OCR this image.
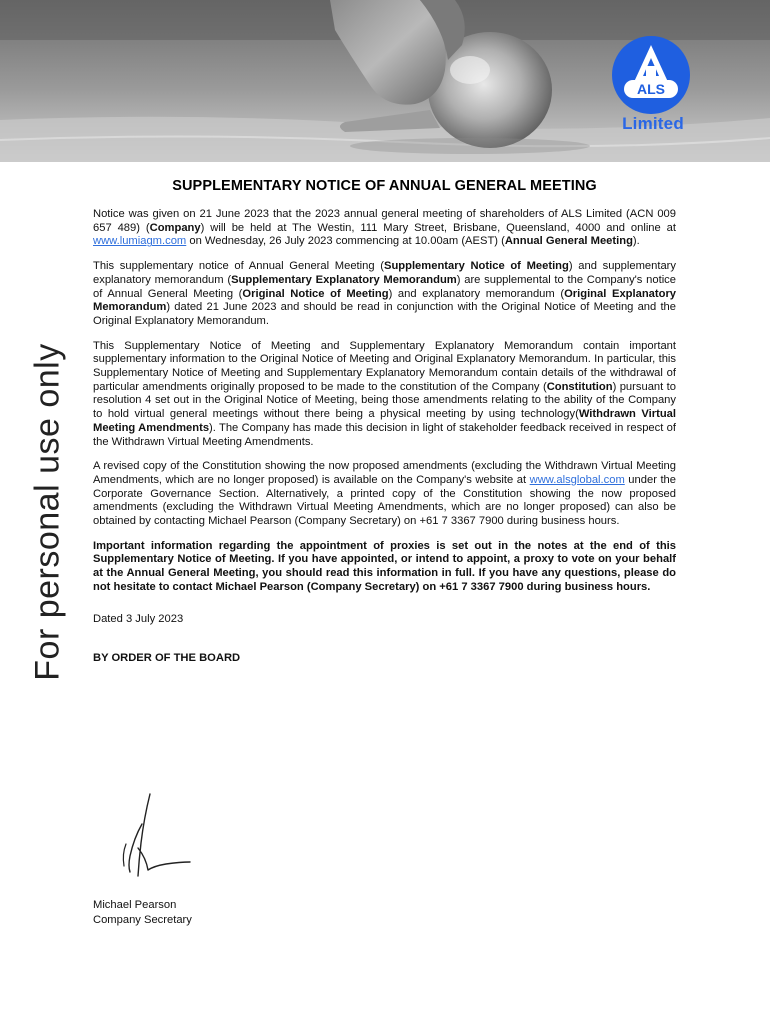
ALS
Limited
For personal use only
SUPPLEMENTARY NOTICE OF ANNUAL GENERAL MEETING

Notice was given on 21 June 2023 that the 2023 annual general meeting of shareholders of ALS Limited (ACN 009 657 489) (Company) will be held at The Westin, 111 Mary Street, Brisbane, Queensland, 4000 and online at www.lumiagm.com on Wednesday, 26 July 2023 commencing at 10.00am (AEST) (Annual General Meeting).

This supplementary notice of Annual General Meeting (Supplementary Notice of Meeting) and supplementary explanatory memorandum (Supplementary Explanatory Memorandum) are supplemental to the Company's notice of Annual General Meeting (Original Notice of Meeting) and explanatory memorandum (Original Explanatory Memorandum) dated 21 June 2023 and should be read in conjunction with the Original Notice of Meeting and the Original Explanatory Memorandum.

This Supplementary Notice of Meeting and Supplementary Explanatory Memorandum contain important supplementary information to the Original Notice of Meeting and Original Explanatory Memorandum. In particular, this Supplementary Notice of Meeting and Supplementary Explanatory Memorandum contain details of the withdrawal of particular amendments originally proposed to be made to the constitution of the Company (Constitution) pursuant to resolution 4 set out in the Original Notice of Meeting, being those amendments relating to the ability of the Company to hold virtual general meetings without there being a physical meeting by using technology(Withdrawn Virtual Meeting Amendments). The Company has made this decision in light of stakeholder feedback received in respect of the Withdrawn Virtual Meeting Amendments.

A revised copy of the Constitution showing the now proposed amendments (excluding the Withdrawn Virtual Meeting Amendments, which are no longer proposed) is available on the Company's website at www.alsglobal.com under the Corporate Governance Section. Alternatively, a printed copy of the Constitution showing the now proposed amendments (excluding the Withdrawn Virtual Meeting Amendments, which are no longer proposed) can also be obtained by contacting Michael Pearson (Company Secretary) on +61 7 3367 7900 during business hours.

Important information regarding the appointment of proxies is set out in the notes at the end of this Supplementary Notice of Meeting. If you have appointed, or intend to appoint, a proxy to vote on your behalf at the Annual General Meeting, you should read this information in full. If you have any questions, please do not hesitate to contact Michael Pearson (Company Secretary) on +61 7 3367 7900 during business hours.

Dated 3 July 2023

BY ORDER OF THE BOARD

Michael Pearson
Company Secretary
